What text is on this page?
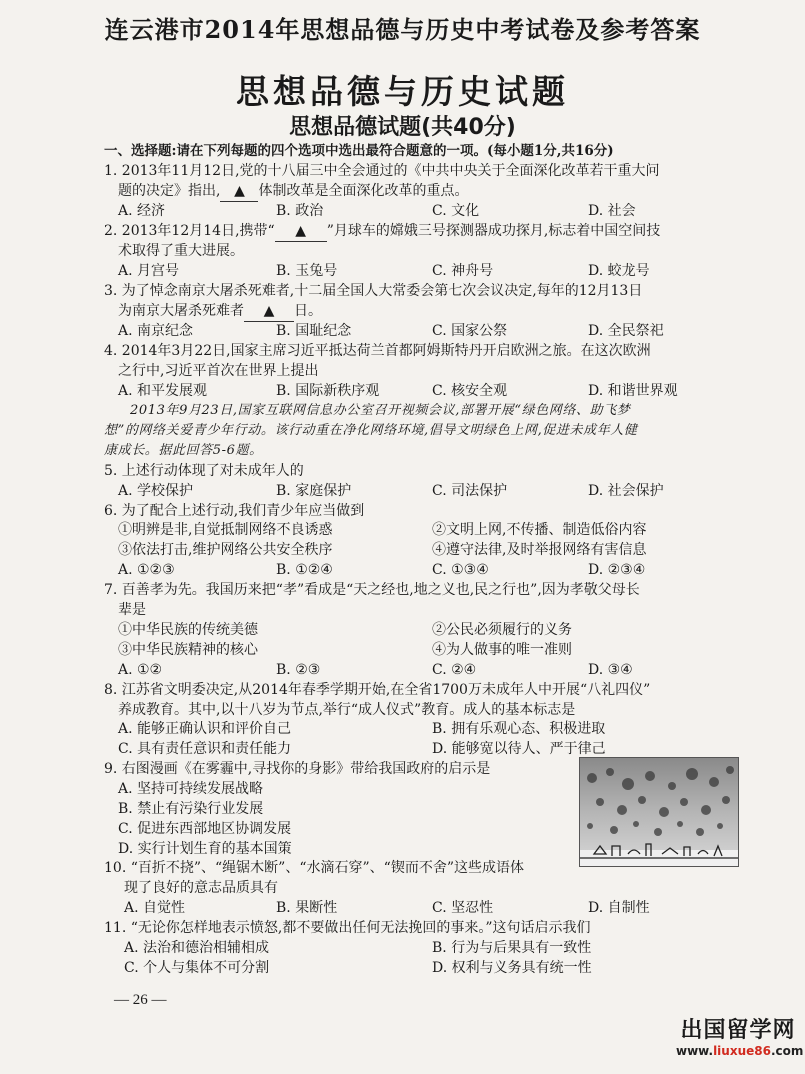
连云港市2014年思想品德与历史中考试卷及参考答案
思想品德与历史试题
思想品德试题(共40分)
一、选择题:请在下列每题的四个选项中选出最符合题意的一项。(每小题1分,共16分)
1. 2013年11月12日,党的十八届三中全会通过的《中共中央关于全面深化改革若干重大问
题的决定》指出, ▲ 体制改革是全面深化改革的重点。
A. 经济	B. 政治	C. 文化	D. 社会
2. 2013年12月14日,携带“ ▲ ”月球车的嫦娥三号探测器成功探月,标志着中国空间技
术取得了重大进展。
A. 月宫号	B. 玉兔号	C. 神舟号	D. 蛟龙号
3. 为了悼念南京大屠杀死难者,十二届全国人大常委会第七次会议决定,每年的12月13日
为南京大屠杀死难者 ▲ 日。
A. 南京纪念	B. 国耻纪念	C. 国家公祭	D. 全民祭祀
4. 2014年3月22日,国家主席习近平抵达荷兰首都阿姆斯特丹开启欧洲之旅。在这次欧洲
之行中,习近平首次在世界上提出
A. 和平发展观	B. 国际新秩序观	C. 核安全观	D. 和谐世界观
2013年9月23日,国家互联网信息办公室召开视频会议,部署开展“绿色网络、助飞梦
想”的网络关爱青少年行动。该行动重在净化网络环境,倡导文明绿色上网,促进未成年人健
康成长。据此回答5-6题。
5. 上述行动体现了对未成年人的
A. 学校保护	B. 家庭保护	C. 司法保护	D. 社会保护
6. 为了配合上述行动,我们青少年应当做到
①明辨是非,自觉抵制网络不良诱惑	②文明上网,不传播、制造低俗内容
③依法打击,维护网络公共安全秩序	④遵守法律,及时举报网络有害信息
A. ①②③	B. ①②④	C. ①③④	D. ②③④
7. 百善孝为先。我国历来把“孝”看成是“天之经也,地之义也,民之行也”,因为孝敬父母长
辈是
①中华民族的传统美德	②公民必须履行的义务
③中华民族精神的核心	④为人做事的唯一准则
A. ①②	B. ②③	C. ②④	D. ③④
8. 江苏省文明委决定,从2014年春季学期开始,在全省1700万未成年人中开展“八礼四仪”
养成教育。其中,以十八岁为节点,举行“成人仪式”教育。成人的基本标志是
A. 能够正确认识和评价自己	B. 拥有乐观心态、积极进取
C. 具有责任意识和责任能力	D. 能够宽以待人、严于律己
9. 右图漫画《在雾霾中,寻找你的身影》带给我国政府的启示是
A. 坚持可持续发展战略
B. 禁止有污染行业发展
C. 促进东西部地区协调发展
D. 实行计划生育的基本国策
10. “百折不挠”、“绳锯木断”、“水滴石穿”、“锲而不舍”这些成语体
现了良好的意志品质具有
A. 自觉性	B. 果断性	C. 坚忍性	D. 自制性
11. “无论你怎样地表示愤怒,都不要做出任何无法挽回的事来。”这句话启示我们
A. 法治和德治相辅相成	B. 行为与后果具有一致性
C. 个人与集体不可分割	D. 权利与义务具有统一性
— 26 —
出国留学网
www.liuxue86.com
